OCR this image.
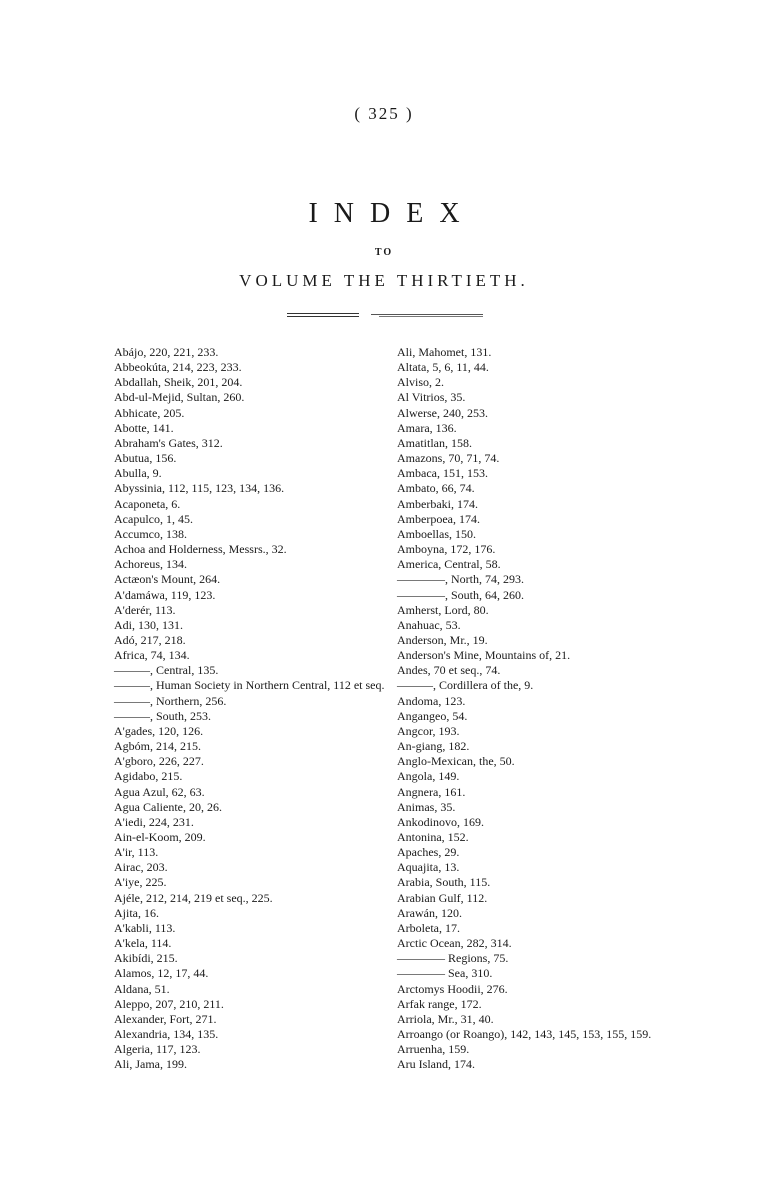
( 325 )
INDEX
TO
VOLUME THE THIRTIETH.
Abájo, 220, 221, 233.
Abbeokúta, 214, 223, 233.
Abdallah, Sheik, 201, 204.
Abd-ul-Mejid, Sultan, 260.
Abhicate, 205.
Abotte, 141.
Abraham's Gates, 312.
Abutua, 156.
Abulla, 9.
Abyssinia, 112, 115, 123, 134, 136.
Acaponeta, 6.
Acapulco, 1, 45.
Accumco, 138.
Achoa and Holderness, Messrs., 32.
Achoreus, 134.
Actæon's Mount, 264.
A'damáwa, 119, 123.
A'derér, 113.
Adi, 130, 131.
Adó, 217, 218.
Africa, 74, 134.
———, Central, 135.
———, Human Society in Northern Central, 112 et seq.
———, Northern, 256.
———, South, 253.
A'gades, 120, 126.
Agbóm, 214, 215.
A'gboro, 226, 227.
Agidabo, 215.
Agua Azul, 62, 63.
Agua Caliente, 20, 26.
A'iedi, 224, 231.
Ain-el-Koom, 209.
A'ir, 113.
Airac, 203.
A'iye, 225.
Ajéle, 212, 214, 219 et seq., 225.
Ajita, 16.
A'kabli, 113.
A'kela, 114.
Akibídi, 215.
Alamos, 12, 17, 44.
Aldana, 51.
Aleppo, 207, 210, 211.
Alexander, Fort, 271.
Alexandria, 134, 135.
Algeria, 117, 123.
Ali, Jama, 199.
Ali, Mahomet, 131.
Altata, 5, 6, 11, 44.
Alviso, 2.
Al Vitrios, 35.
Alwerse, 240, 253.
Amara, 136.
Amatitlan, 158.
Amazons, 70, 71, 74.
Ambaca, 151, 153.
Ambato, 66, 74.
Amberbaki, 174.
Amberpoea, 174.
Amboellas, 150.
Amboyna, 172, 176.
America, Central, 58.
————, North, 74, 293.
————, South, 64, 260.
Amherst, Lord, 80.
Anahuac, 53.
Anderson, Mr., 19.
Anderson's Mine, Mountains of, 21.
Andes, 70 et seq., 74.
———, Cordillera of the, 9.
Andoma, 123.
Angangeo, 54.
Angcor, 193.
An-giang, 182.
Anglo-Mexican, the, 50.
Angola, 149.
Angnera, 161.
Animas, 35.
Ankodinovo, 169.
Antonina, 152.
Apaches, 29.
Aquajita, 13.
Arabia, South, 115.
Arabian Gulf, 112.
Arawán, 120.
Arboleta, 17.
Arctic Ocean, 282, 314.
———— Regions, 75.
———— Sea, 310.
Arctomys Hoodii, 276.
Arfak range, 172.
Arriola, Mr., 31, 40.
Arroango (or Roango), 142, 143, 145, 153, 155, 159.
Arruenha, 159.
Aru Island, 174.
